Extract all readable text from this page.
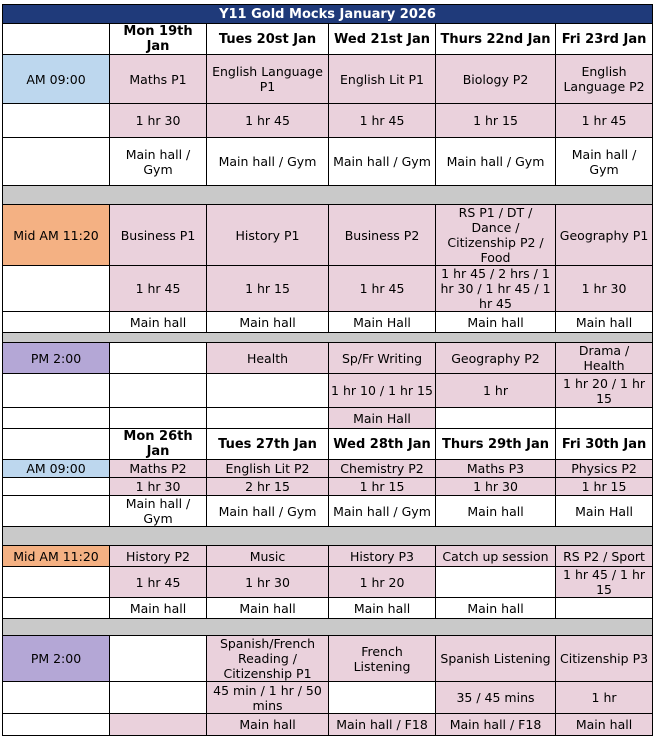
Y11 Gold Mocks January 2026					
	Mon 19th Jan	Tues 20st Jan	Wed 21st Jan	Thurs 22nd Jan	Fri 23rd Jan
AM 09:00	Maths P1	English Language P1	English Lit P1	Biology P2	English Language P2
	1 hr 30	1 hr 45	1 hr 45	1 hr 15	1 hr 45
	Main hall / Gym	Main hall / Gym	Main hall / Gym	Main hall / Gym	Main hall / Gym

Mid AM 11:20	Business P1	History P1	Business P2	RS P1 / DT / Dance / Citizenship P2 / Food	Geography P1
	1 hr 45	1 hr 15	1 hr 45	1 hr 45 / 2 hrs / 1 hr 30 / 1 hr 45 / 1 hr 45	1 hr 30
	Main hall	Main hall	Main Hall	Main hall	Main hall

PM 2:00		Health	Sp/Fr Writing	Geography P2	Drama / Health
			1 hr 10 / 1 hr 15	1 hr	1 hr 20 / 1 hr 15
			Main Hall		
	Mon 26th Jan	Tues 27th Jan	Wed 28th Jan	Thurs 29th Jan	Fri 30th Jan
AM 09:00	Maths P2	English Lit P2	Chemistry P2	Maths P3	Physics P2
	1 hr 30	2 hr 15	1 hr 15	1 hr 30	1 hr 15
	Main hall / Gym	Main hall / Gym	Main hall / Gym	Main hall	Main Hall

Mid AM 11:20	History P2	Music	History P3	Catch up session	RS P2 / Sport
	1 hr 45	1 hr 30	1 hr 20		1 hr 45 / 1 hr 15
	Main hall	Main hall	Main hall	Main hall	

PM 2:00		Spanish/French Reading / Citizenship P1	French Listening	Spanish Listening	Citizenship P3
		45 min / 1 hr / 50 mins		35 / 45 mins	1 hr
		Main hall	Main hall / F18	Main hall / F18	Main hall
